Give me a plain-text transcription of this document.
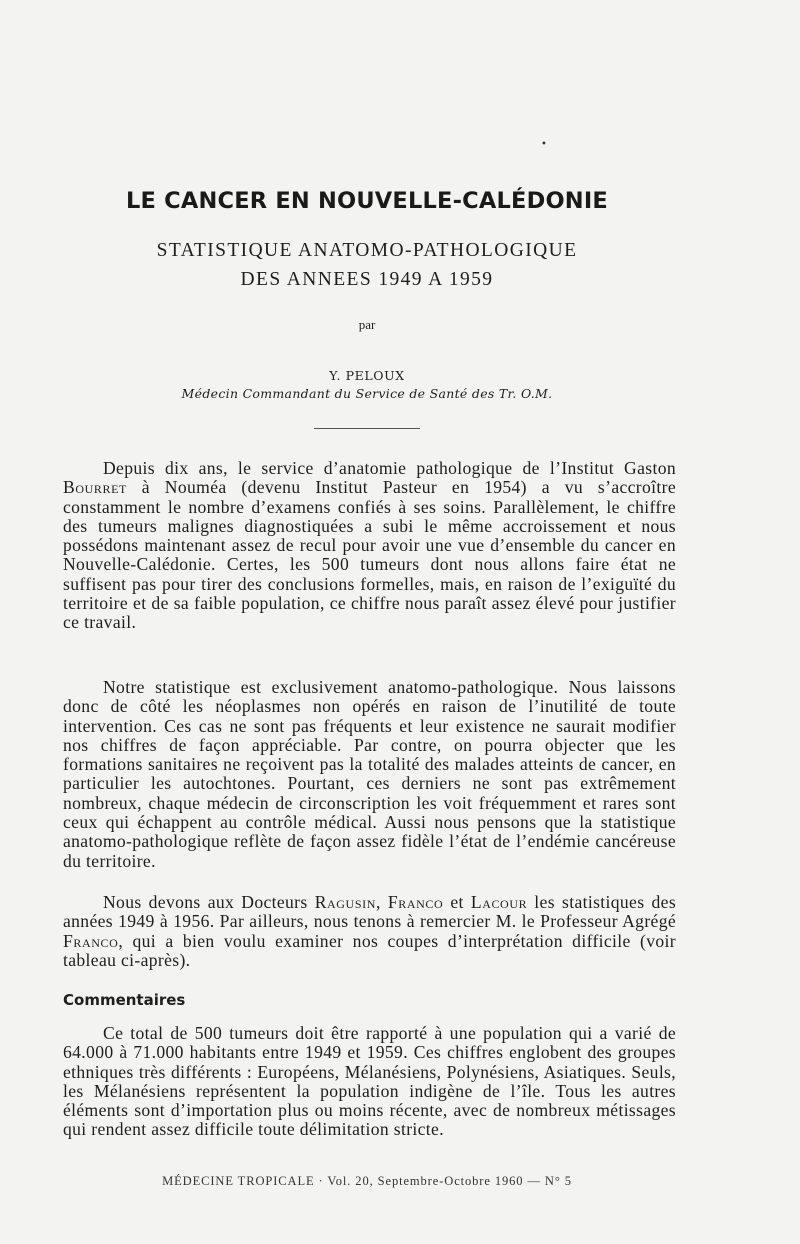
•
LE CANCER EN NOUVELLE-CALÉDONIE
STATISTIQUE ANATOMO-PATHOLOGIQUE
DES ANNEES 1949 A 1959
par
Y. PELOUX
Médecin Commandant du Service de Santé des Tr. O.M.

Depuis dix ans, le service d’anatomie pathologique de l’Institut Gaston Bourret à Nouméa (devenu Institut Pasteur en 1954) a vu s’accroître constamment le nombre d’examens confiés à ses soins. Parallèlement, le chiffre des tumeurs malignes diagnostiquées a subi le même accroissement et nous possédons maintenant assez de recul pour avoir une vue d’ensemble du cancer en Nouvelle-Calédonie. Certes, les 500 tumeurs dont nous allons faire état ne suffisent pas pour tirer des conclusions formelles, mais, en raison de l’exiguïté du territoire et de sa faible population, ce chiffre nous paraît assez élevé pour justifier ce travail.

Notre statistique est exclusivement anatomo-pathologique. Nous laissons donc de côté les néoplasmes non opérés en raison de l’inutilité de toute intervention. Ces cas ne sont pas fréquents et leur existence ne saurait modifier nos chiffres de façon appréciable. Par contre, on pourra objecter que les formations sanitaires ne reçoivent pas la totalité des malades atteints de cancer, en particulier les autochtones. Pourtant, ces derniers ne sont pas extrêmement nombreux, chaque médecin de circonscription les voit fréquemment et rares sont ceux qui échappent au contrôle médical. Aussi nous pensons que la statistique anatomo-pathologique reflète de façon assez fidèle l’état de l’endémie cancéreuse du territoire.

Nous devons aux Docteurs Ragusin, Franco et Lacour les statistiques des années 1949 à 1956. Par ailleurs, nous tenons à remercier M. le Professeur Agrégé Franco, qui a bien voulu examiner nos coupes d’interprétation difficile (voir tableau ci-après).

Commentaires

Ce total de 500 tumeurs doit être rapporté à une population qui a varié de 64.000 à 71.000 habitants entre 1949 et 1959. Ces chiffres englobent des groupes ethniques très différents : Européens, Mélanésiens, Polynésiens, Asiatiques. Seuls, les Mélanésiens représentent la population indigène de l’île. Tous les autres éléments sont d’importation plus ou moins récente, avec de nombreux métissages qui rendent assez difficile toute délimitation stricte.

MÉDECINE TROPICALE · Vol. 20, Septembre-Octobre 1960 — N° 5
